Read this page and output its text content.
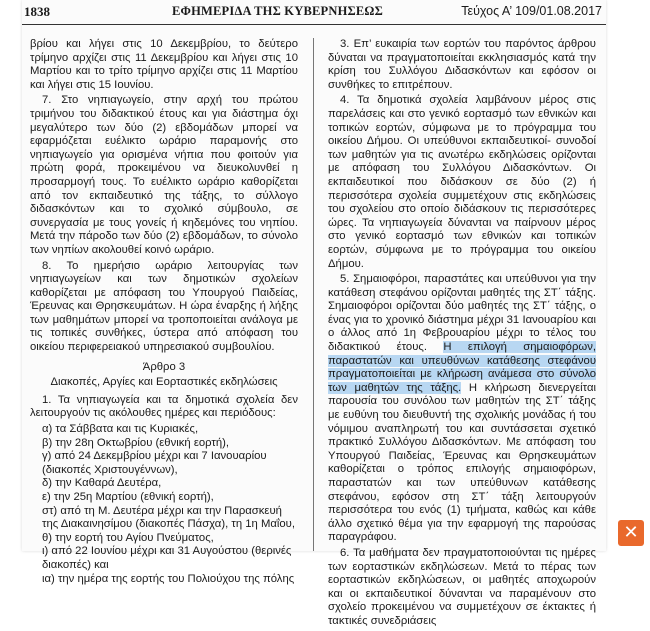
1838	ΕΦΗΜΕΡΙΔΑ ΤΗΣ ΚΥΒΕΡΝΗΣΕΩΣ	Τεύχος Α’ 109/01.08.2017

βρίου και λήγει στις 10 Δεκεμβρίου, το δεύτερο τρίμηνο αρχίζει στις 11 Δεκεμβρίου και λήγει στις 10 Μαρτίου και το τρίτο τρίμηνο αρχίζει στις 11 Μαρτίου και λήγει στις 15 Ιουνίου.

7. Στο νηπιαγωγείο, στην αρχή του πρώτου τριμήνου του διδακτικού έτους και για διάστημα όχι μεγαλύτερο των δύο (2) εβδομάδων μπορεί να εφαρμόζεται ευέλικτο ωράριο παραμονής στο νηπιαγωγείο για ορισμένα νήπια που φοιτούν για πρώτη φορά, προκειμένου να διευκολυνθεί η προσαρμογή τους. Το ευέλικτο ωράριο καθορίζεται από τον εκπαιδευτικό της τάξης, το σύλλογο διδασκόντων και το σχολικό σύμβουλο, σε συνεργασία με τους γονείς ή κηδεμόνες του νηπίου. Μετά την πάροδο των δύο (2) εβδομάδων, το σύνολο των νηπίων ακολουθεί κοινό ωράριο.

8. Το ημερήσιο ωράριο λειτουργίας των νηπιαγωγείων και των δημοτικών σχολείων καθορίζεται με απόφαση του Υπουργού Παιδείας, Έρευνας και Θρησκευμάτων. Η ώρα έναρξης ή λήξης των μαθημάτων μπορεί να τροποποιείται ανάλογα με τις τοπικές συνθήκες, ύστερα από απόφαση του οικείου περιφερειακού υπηρεσιακού συμβουλίου.

Άρθρο 3

Διακοπές, Αργίες και Εορταστικές εκδηλώσεις

1. Τα νηπιαγωγεία και τα δημοτικά σχολεία δεν λειτουργούν τις ακόλουθες ημέρες και περιόδους:

α) τα Σάββατα και τις Κυριακές,

β) την 28η Οκτωβρίου (εθνική εορτή),

γ) από 24 Δεκεμβρίου μέχρι και 7 Ιανουαρίου (διακοπές Χριστουγέννων),

δ) την Καθαρά Δευτέρα,

ε) την 25η Μαρτίου (εθνική εορτή),

στ) από τη Μ. Δευτέρα μέχρι και την Παρασκευή της Διακαινησίμου (διακοπές Πάσχα), τη 1η Μαΐου,

θ) την εορτή του Αγίου Πνεύματος,

ι) από 22 Ιουνίου μέχρι και 31 Αυγούστου (θερινές διακοπές) και

ια) την ημέρα της εορτής του Πολιούχου της πόλης

3. Επ’ ευκαιρία των εορτών του παρόντος άρθρου δύναται να πραγματοποιείται εκκλησιασμός κατά την κρίση του Συλλόγου Διδασκόντων και εφόσον οι συνθήκες το επιτρέπουν.

4. Τα δημοτικά σχολεία λαμβάνουν μέρος στις παρελάσεις και στο γενικό εορτασμό των εθνικών και τοπικών εορτών, σύμφωνα με το πρόγραμμα του οικείου Δήμου. Οι υπεύθυνοι εκπαιδευτικοί- συνοδοί των μαθητών για τις ανωτέρω εκδηλώσεις ορίζονται με απόφαση του Συλλόγου Διδασκόντων. Οι εκπαιδευτικοί που διδάσκουν σε δύο (2) ή περισσότερα σχολεία συμμετέχουν στις εκδηλώσεις του σχολείου στο οποίο διδάσκουν τις περισσότερες ώρες. Τα νηπιαγωγεία δύνανται να παίρνουν μέρος στο γενικό εορτασμό των εθνικών και τοπικών εορτών, σύμφωνα με το πρόγραμμα του οικείου Δήμου.

5. Σημαιοφόροι, παραστάτες και υπεύθυνοι για την κατάθεση στεφάνου ορίζονται μαθητές της ΣΤ΄ τάξης. Σημαιοφόροι ορίζονται δύο μαθητές της ΣΤ΄ τάξης, ο ένας για το χρονικό διάστημα μέχρι 31 Ιανουαρίου και ο άλλος από 1η Φεβρουαρίου μέχρι το τέλος του διδακτικού έτους. Η επιλογή σημαιοφόρων, παραστατών και υπευθύνων κατάθεσης στεφάνου πραγματοποιείται με κλήρωση ανάμεσα στο σύνολο των μαθητών της τάξης. Η κλήρωση διενεργείται παρουσία του συνόλου των μαθητών της ΣΤ΄ τάξης με ευθύνη του διευθυντή της σχολικής μονάδας ή του νόμιμου αναπληρωτή του και συντάσσεται σχετικό πρακτικό Συλλόγου Διδασκόντων. Με απόφαση του Υπουργού Παιδείας, Έρευνας και Θρησκευμάτων καθορίζεται ο τρόπος επιλογής σημαιοφόρων, παραστατών και των υπεύθυνων κατάθεσης στεφάνου, εφόσον στη ΣΤ΄ τάξη λειτουργούν περισσότερα του ενός (1) τμήματα, καθώς και κάθε άλλο σχετικό θέμα για την εφαρμογή της παρούσας παραγράφου.

6. Τα μαθήματα δεν πραγματοποιούνται τις ημέρες των εορταστικών εκδηλώσεων. Μετά το πέρας των εορταστικών εκδηλώσεων, οι μαθητές αποχωρούν και οι εκπαιδευτικοί δύνανται να παραμένουν στο σχολείο προκειμένου να συμμετέχουν σε έκτακτες ή τακτικές συνεδριάσεις

✕
